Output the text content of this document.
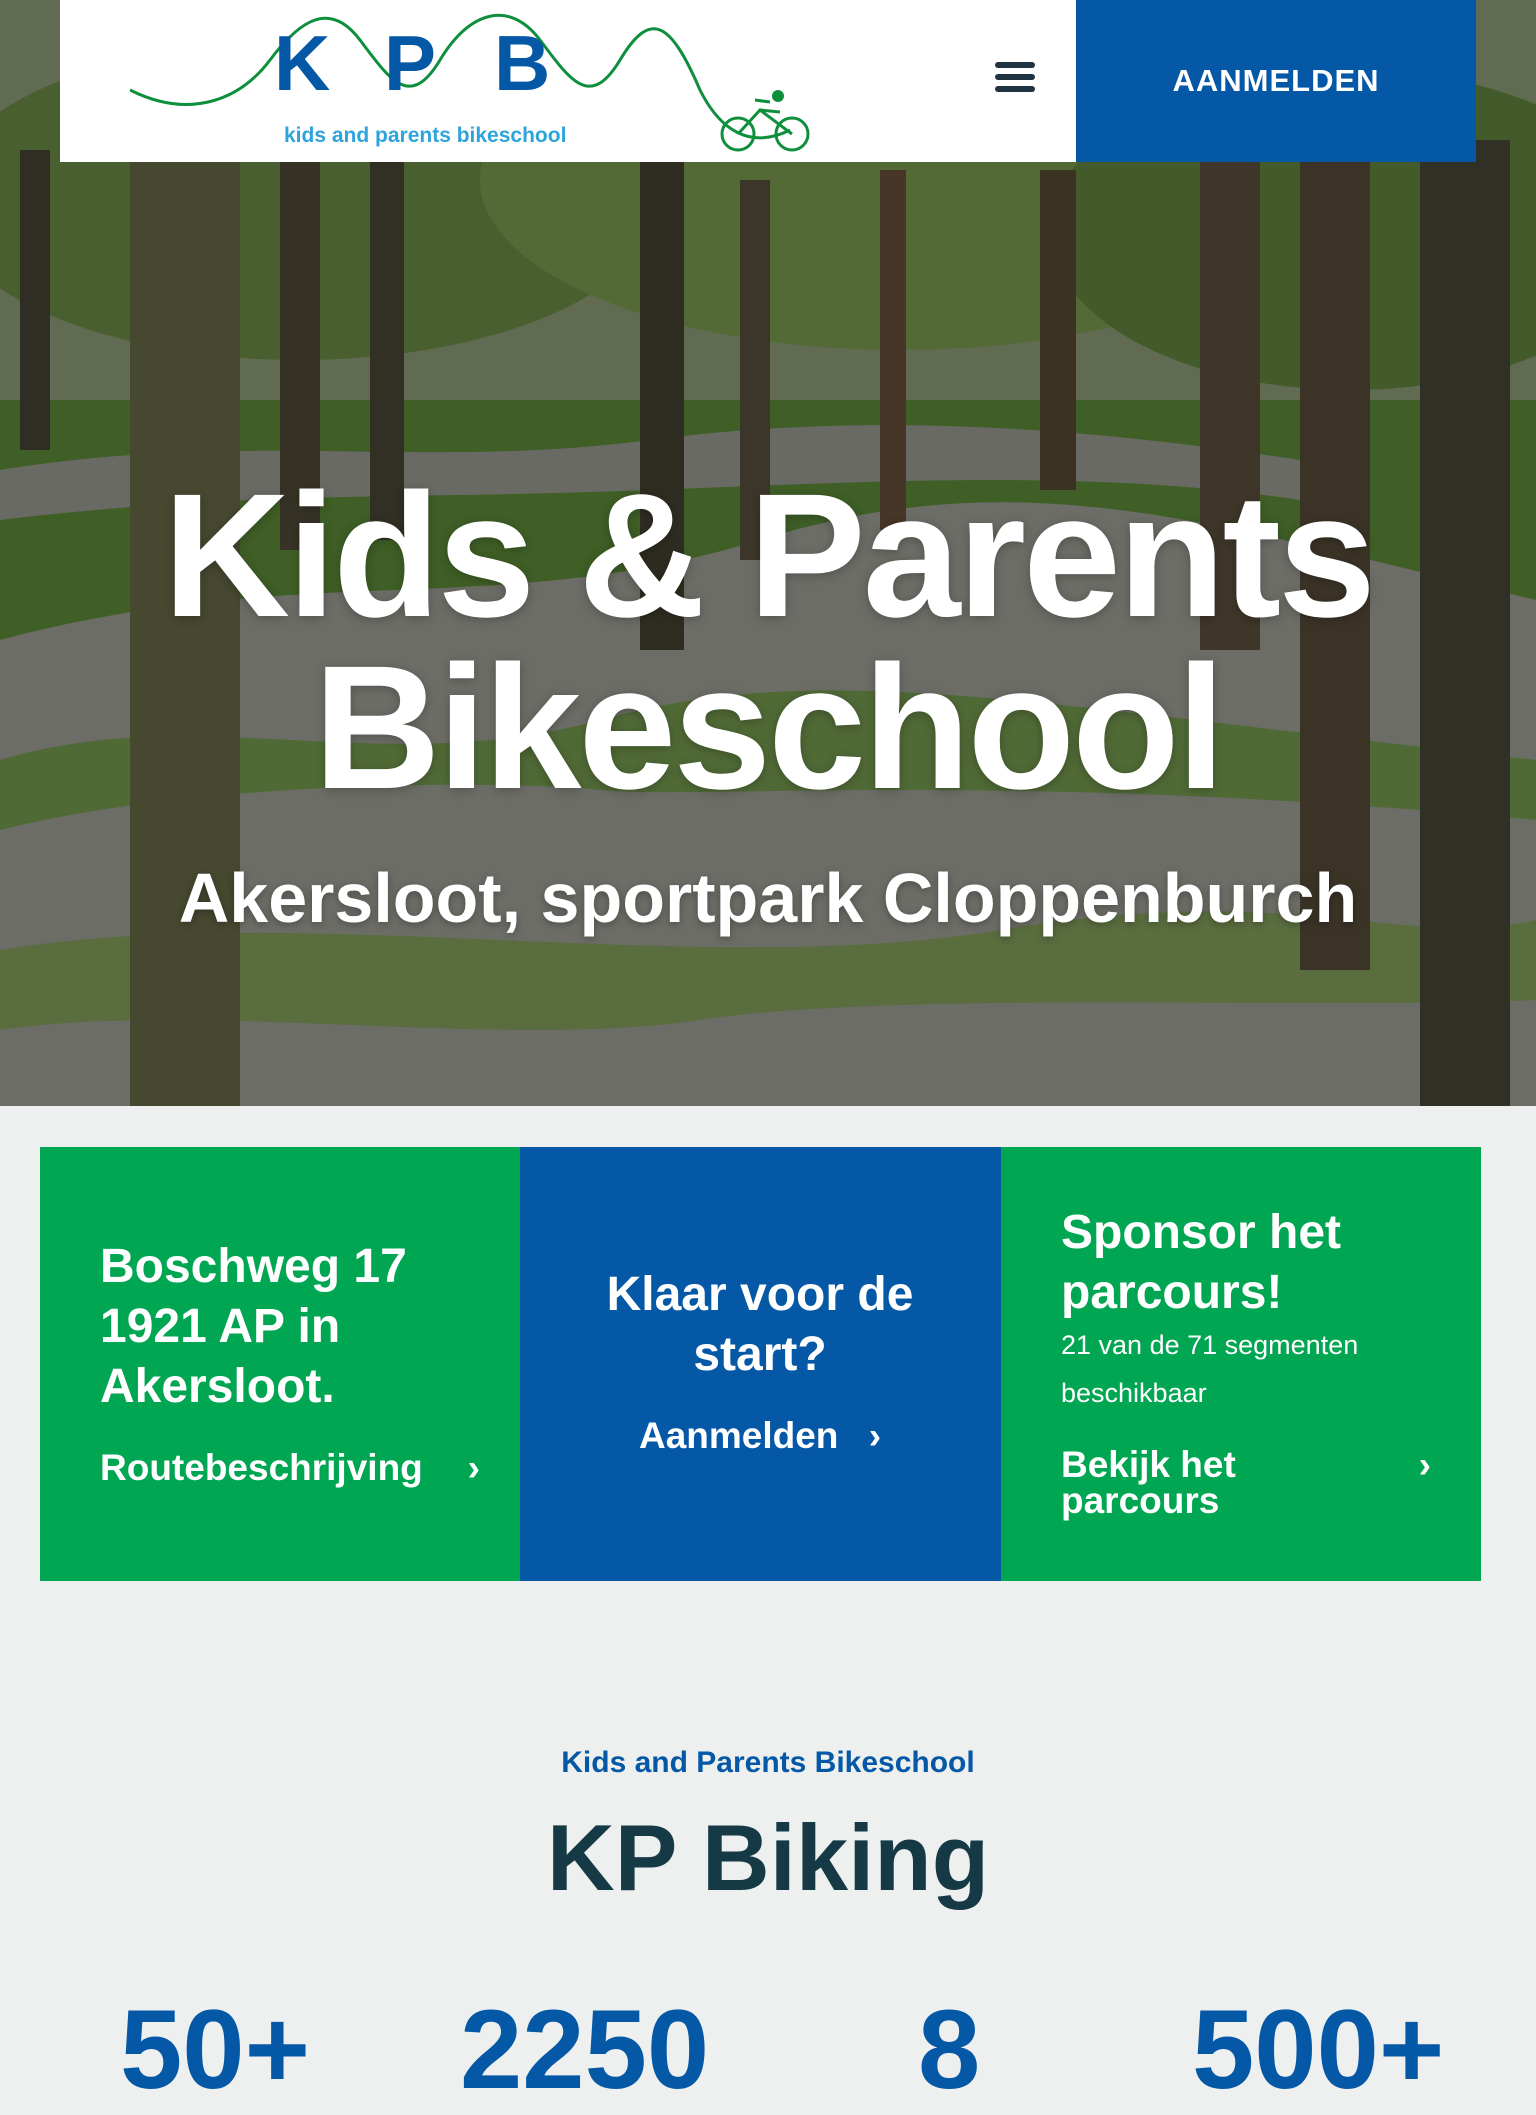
K P B
kids and parents bikeschool
AANMELDEN
Kids & Parents
Bikeschool
Akersloot, sportpark Cloppenburch
Boschweg 17
1921 AP in
Akersloot.
Routebeschrijving ›
Klaar voor de
start?
Aanmelden ›
Sponsor het
parcours!
21 van de 71 segmenten beschikbaar
Bekijk het
parcours
›
Kids and Parents Bikeschool
KP Biking
50+ 2250 8 500+
